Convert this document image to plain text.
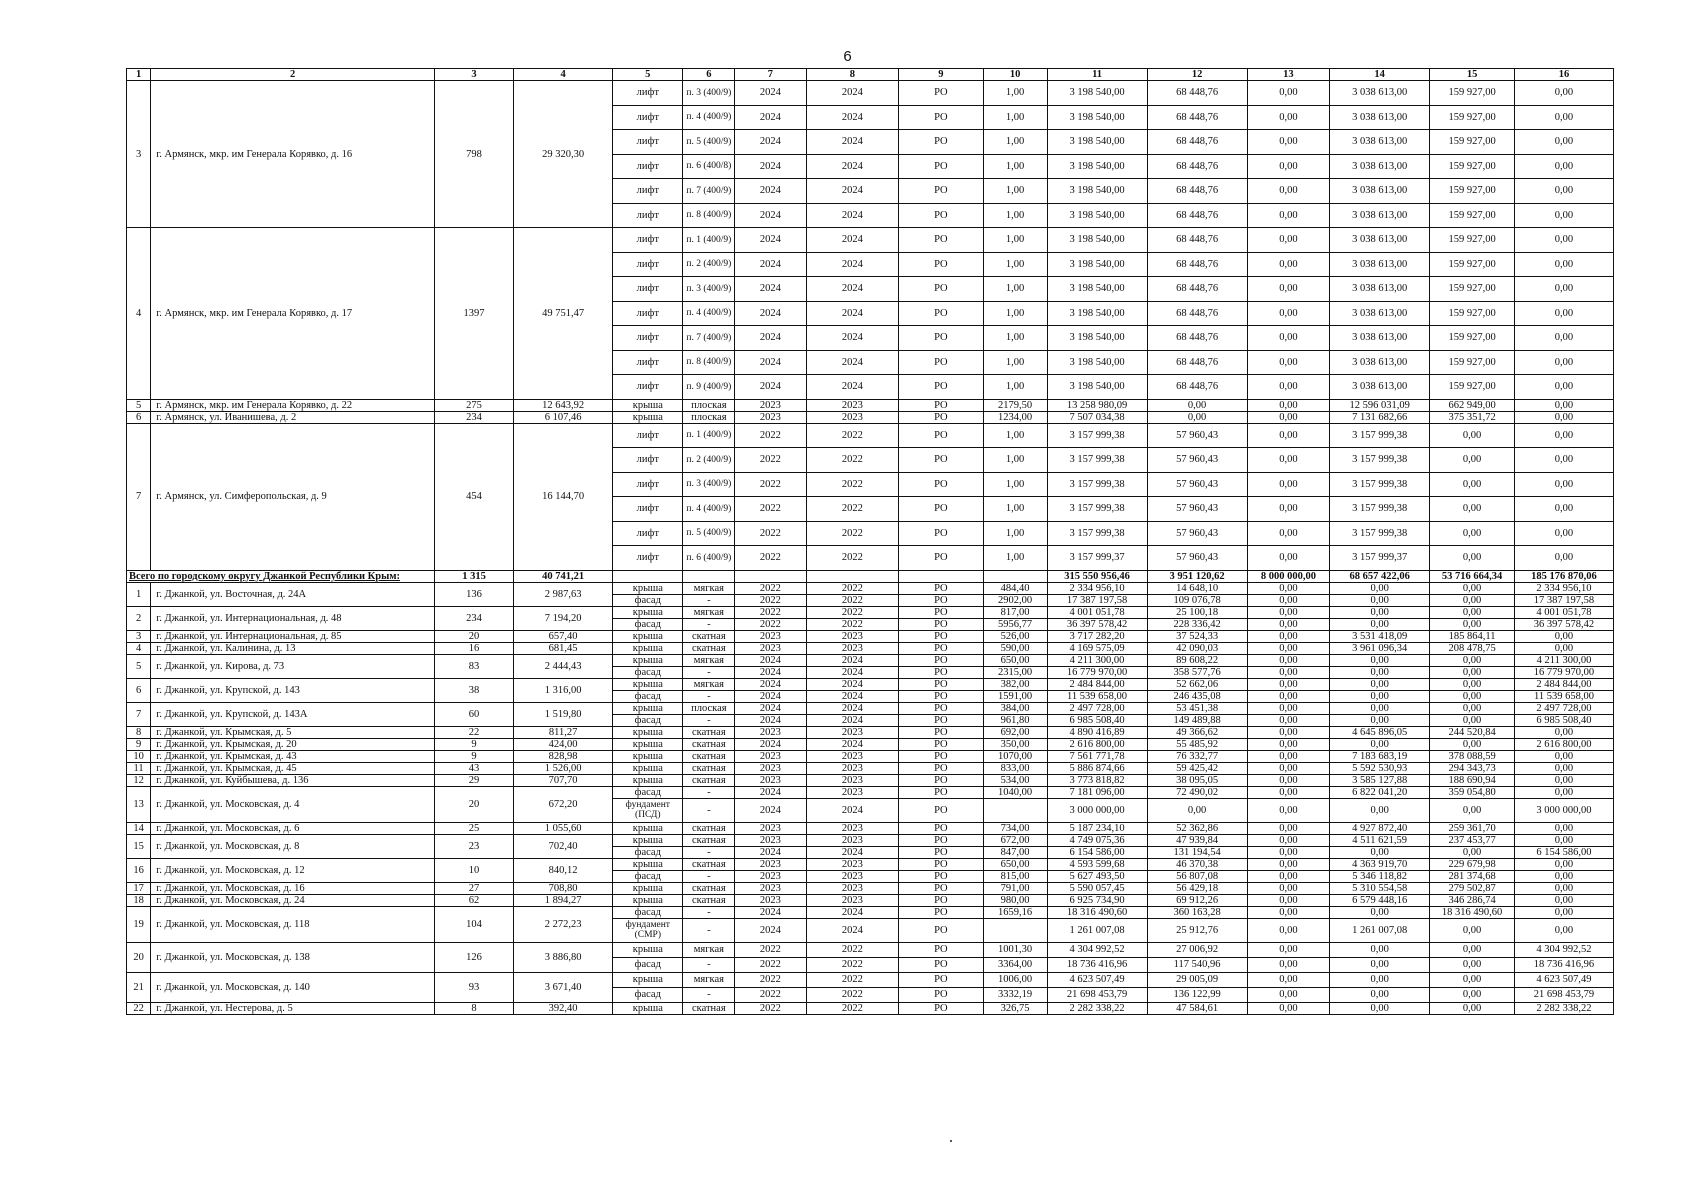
6
1	2	3	4	5	6	7	8	9	10	11	12	13	14	15	16
3	г. Армянск, мкр. им Генерала Корявко, д. 16	798	29 320,30	лифт	п. 3 (400/9)	2024	2024	РО	1,00	3 198 540,00	68 448,76	0,00	3 038 613,00	159 927,00	0,00
				лифт	п. 4 (400/9)	2024	2024	РО	1,00	3 198 540,00	68 448,76	0,00	3 038 613,00	159 927,00	0,00
				лифт	п. 5 (400/9)	2024	2024	РО	1,00	3 198 540,00	68 448,76	0,00	3 038 613,00	159 927,00	0,00
				лифт	п. 6 (400/8)	2024	2024	РО	1,00	3 198 540,00	68 448,76	0,00	3 038 613,00	159 927,00	0,00
				лифт	п. 7 (400/9)	2024	2024	РО	1,00	3 198 540,00	68 448,76	0,00	3 038 613,00	159 927,00	0,00
				лифт	п. 8 (400/9)	2024	2024	РО	1,00	3 198 540,00	68 448,76	0,00	3 038 613,00	159 927,00	0,00
4	г. Армянск, мкр. им Генерала Корявко, д. 17	1397	49 751,47	лифт	п. 1 (400/9)	2024	2024	РО	1,00	3 198 540,00	68 448,76	0,00	3 038 613,00	159 927,00	0,00
				лифт	п. 2 (400/9)	2024	2024	РО	1,00	3 198 540,00	68 448,76	0,00	3 038 613,00	159 927,00	0,00
				лифт	п. 3 (400/9)	2024	2024	РО	1,00	3 198 540,00	68 448,76	0,00	3 038 613,00	159 927,00	0,00
				лифт	п. 4 (400/9)	2024	2024	РО	1,00	3 198 540,00	68 448,76	0,00	3 038 613,00	159 927,00	0,00
				лифт	п. 7 (400/9)	2024	2024	РО	1,00	3 198 540,00	68 448,76	0,00	3 038 613,00	159 927,00	0,00
				лифт	п. 8 (400/9)	2024	2024	РО	1,00	3 198 540,00	68 448,76	0,00	3 038 613,00	159 927,00	0,00
				лифт	п. 9 (400/9)	2024	2024	РО	1,00	3 198 540,00	68 448,76	0,00	3 038 613,00	159 927,00	0,00
5	г. Армянск, мкр. им Генерала Корявко, д. 22	275	12 643,92	крыша	плоская	2023	2023	РО	2179,50	13 258 980,09	0,00	0,00	12 596 031,09	662 949,00	0,00
6	г. Армянск, ул. Иванишева, д. 2	234	6 107,46	крыша	плоская	2023	2023	РО	1234,00	7 507 034,38	0,00	0,00	7 131 682,66	375 351,72	0,00
7	г. Армянск, ул. Симферопольская, д. 9	454	16 144,70	лифт	п. 1 (400/9)	2022	2022	РО	1,00	3 157 999,38	57 960,43	0,00	3 157 999,38	0,00	0,00
				лифт	п. 2 (400/9)	2022	2022	РО	1,00	3 157 999,38	57 960,43	0,00	3 157 999,38	0,00	0,00
				лифт	п. 3 (400/9)	2022	2022	РО	1,00	3 157 999,38	57 960,43	0,00	3 157 999,38	0,00	0,00
				лифт	п. 4 (400/9)	2022	2022	РО	1,00	3 157 999,38	57 960,43	0,00	3 157 999,38	0,00	0,00
				лифт	п. 5 (400/9)	2022	2022	РО	1,00	3 157 999,38	57 960,43	0,00	3 157 999,38	0,00	0,00
				лифт	п. 6 (400/9)	2022	2022	РО	1,00	3 157 999,37	57 960,43	0,00	3 157 999,37	0,00	0,00
Всего по городскому округу Джанкой Республики Крым:		1 315	40 741,21							315 550 956,46	3 951 120,62	8 000 000,00	68 657 422,06	53 716 664,34	185 176 870,06
1	г. Джанкой, ул. Восточная, д. 24А	136	2 987,63	крыша	мягкая	2022	2022	РО	484,40	2 334 956,10	14 648,10	0,00	0,00	0,00	2 334 956,10
				фасад	-	2022	2022	РО	2902,00	17 387 197,58	109 076,78	0,00	0,00	0,00	17 387 197,58
2	г. Джанкой, ул. Интернациональная, д. 48	234	7 194,20	крыша	мягкая	2022	2022	РО	817,00	4 001 051,78	25 100,18	0,00	0,00	0,00	4 001 051,78
				фасад	-	2022	2022	РО	5956,77	36 397 578,42	228 336,42	0,00	0,00	0,00	36 397 578,42
3	г. Джанкой, ул. Интернациональная, д. 85	20	657,40	крыша	скатная	2023	2023	РО	526,00	3 717 282,20	37 524,33	0,00	3 531 418,09	185 864,11	0,00
4	г. Джанкой, ул. Калинина, д. 13	16	681,45	крыша	скатная	2023	2023	РО	590,00	4 169 575,09	42 090,03	0,00	3 961 096,34	208 478,75	0,00
5	г. Джанкой, ул. Кирова, д. 73	83	2 444,43	крыша	мягкая	2024	2024	РО	650,00	4 211 300,00	89 608,22	0,00	0,00	0,00	4 211 300,00
				фасад	-	2024	2024	РО	2315,00	16 779 970,00	358 577,76	0,00	0,00	0,00	16 779 970,00
6	г. Джанкой, ул. Крупской, д. 143	38	1 316,00	крыша	мягкая	2024	2024	РО	382,00	2 484 844,00	52 662,06	0,00	0,00	0,00	2 484 844,00
				фасад	-	2024	2024	РО	1591,00	11 539 658,00	246 435,08	0,00	0,00	0,00	11 539 658,00
7	г. Джанкой, ул. Крупской, д. 143А	60	1 519,80	крыша	плоская	2024	2024	РО	384,00	2 497 728,00	53 451,38	0,00	0,00	0,00	2 497 728,00
				фасад	-	2024	2024	РО	961,80	6 985 508,40	149 489,88	0,00	0,00	0,00	6 985 508,40
8	г. Джанкой, ул. Крымская, д. 5	22	811,27	крыша	скатная	2023	2023	РО	692,00	4 890 416,89	49 366,62	0,00	4 645 896,05	244 520,84	0,00
9	г. Джанкой, ул. Крымская, д. 20	9	424,00	крыша	скатная	2024	2024	РО	350,00	2 616 800,00	55 485,92	0,00	0,00	0,00	2 616 800,00
10	г. Джанкой, ул. Крымская, д. 43	9	828,98	крыша	скатная	2023	2023	РО	1070,00	7 561 771,78	76 332,77	0,00	7 183 683,19	378 088,59	0,00
11	г. Джанкой, ул. Крымская, д. 45	43	1 526,00	крыша	скатная	2023	2023	РО	833,00	5 886 874,66	59 425,42	0,00	5 592 530,93	294 343,73	0,00
12	г. Джанкой, ул. Куйбышева, д. 136	29	707,70	крыша	скатная	2023	2023	РО	534,00	3 773 818,82	38 095,05	0,00	3 585 127,88	188 690,94	0,00
13	г. Джанкой, ул. Московская, д. 4	20	672,20	фасад	-	2024	2023	РО	1040,00	7 181 096,00	72 490,02	0,00	6 822 041,20	359 054,80	0,00
				фундамент (ПСД)	-	2024	2024	РО		3 000 000,00	0,00	0,00	0,00	0,00	3 000 000,00
14	г. Джанкой, ул. Московская, д. 6	25	1 055,60	крыша	скатная	2023	2023	РО	734,00	5 187 234,10	52 362,86	0,00	4 927 872,40	259 361,70	0,00
15	г. Джанкой, ул. Московская, д. 8	23	702,40	крыша	скатная	2023	2023	РО	672,00	4 749 075,36	47 939,84	0,00	4 511 621,59	237 453,77	0,00
				фасад	-	2024	2024	РО	847,00	6 154 586,00	131 194,54	0,00	0,00	0,00	6 154 586,00
16	г. Джанкой, ул. Московская, д. 12	10	840,12	крыша	скатная	2023	2023	РО	650,00	4 593 599,68	46 370,38	0,00	4 363 919,70	229 679,98	0,00
				фасад	-	2023	2023	РО	815,00	5 627 493,50	56 807,08	0,00	5 346 118,82	281 374,68	0,00
17	г. Джанкой, ул. Московская, д. 16	27	708,80	крыша	скатная	2023	2023	РО	791,00	5 590 057,45	56 429,18	0,00	5 310 554,58	279 502,87	0,00
18	г. Джанкой, ул. Московская, д. 24	62	1 894,27	крыша	скатная	2023	2023	РО	980,00	6 925 734,90	69 912,26	0,00	6 579 448,16	346 286,74	0,00
19	г. Джанкой, ул. Московская, д. 118	104	2 272,23	фасад	-	2024	2024	РО	1659,16	18 316 490,60	360 163,28	0,00	0,00	18 316 490,60	0,00
				фундамент (СМР)	-	2024	2024	РО		1 261 007,08	25 912,76	0,00	1 261 007,08	0,00	0,00
20	г. Джанкой, ул. Московская, д. 138	126	3 886,80	крыша	мягкая	2022	2022	РО	1001,30	4 304 992,52	27 006,92	0,00	0,00	0,00	4 304 992,52
				фасад	-	2022	2022	РО	3364,00	18 736 416,96	117 540,96	0,00	0,00	0,00	18 736 416,96
21	г. Джанкой, ул. Московская, д. 140	93	3 671,40	крыша	мягкая	2022	2022	РО	1006,00	4 623 507,49	29 005,09	0,00	0,00	0,00	4 623 507,49
				фасад	-	2022	2022	РО	3332,19	21 698 453,79	136 122,99	0,00	0,00	0,00	21 698 453,79
22	г. Джанкой, ул. Нестерова, д. 5	8	392,40	крыша	скатная	2022	2022	РО	326,75	2 282 338,22	47 584,61	0,00	0,00	0,00	2 282 338,22
